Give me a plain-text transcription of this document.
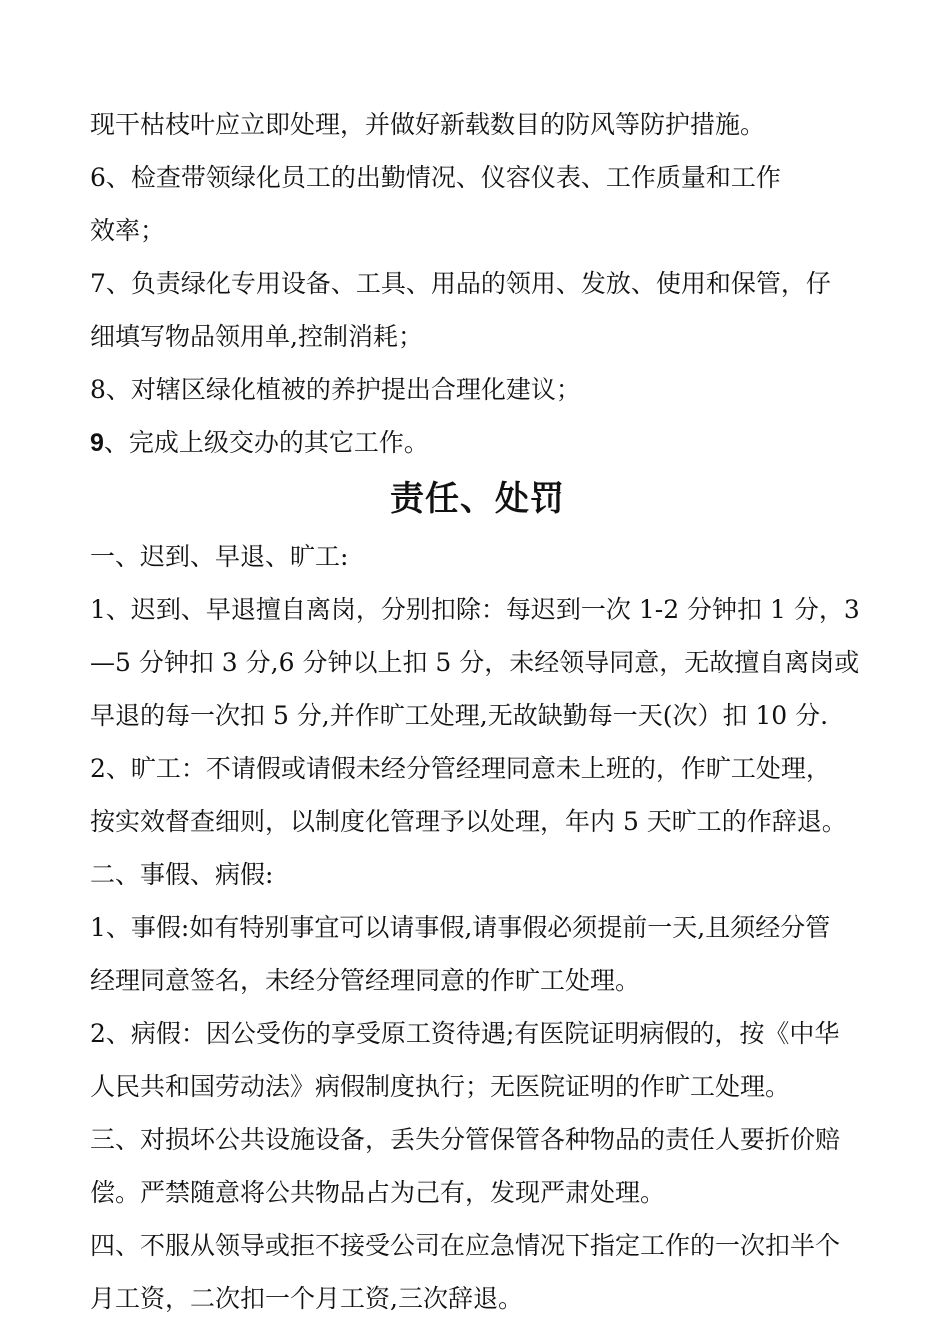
现干枯枝叶应立即处理，并做好新载数目的防风等防护措施。
6、检查带领绿化员工的出勤情况、仪容仪表、工作质量和工作
效率；
7、负责绿化专用设备、工具、用品的领用、发放、使用和保管，仔
细填写物品领用单,控制消耗；
8、对辖区绿化植被的养护提出合理化建议；
9、完成上级交办的其它工作。
责任、处罚
一、迟到、早退、旷工:
1、迟到、早退擅自离岗，分别扣除：每迟到一次 1-2 分钟扣 1 分，3
—5 分钟扣 3 分,6 分钟以上扣 5 分，未经领导同意，无故擅自离岗或
早退的每一次扣 5 分,并作旷工处理,无故缺勤每一天(次）扣 10 分.
2、旷工：不请假或请假未经分管经理同意未上班的，作旷工处理，
按实效督查细则，以制度化管理予以处理，年内 5 天旷工的作辞退。
二、事假、病假:
1、事假:如有特别事宜可以请事假,请事假必须提前一天,且须经分管
经理同意签名，未经分管经理同意的作旷工处理。
2、病假：因公受伤的享受原工资待遇;有医院证明病假的，按《中华
人民共和国劳动法》病假制度执行；无医院证明的作旷工处理。
三、对损坏公共设施设备，丢失分管保管各种物品的责任人要折价赔
偿。严禁随意将公共物品占为己有，发现严肃处理。
四、不服从领导或拒不接受公司在应急情况下指定工作的一次扣半个
月工资，二次扣一个月工资,三次辞退。
